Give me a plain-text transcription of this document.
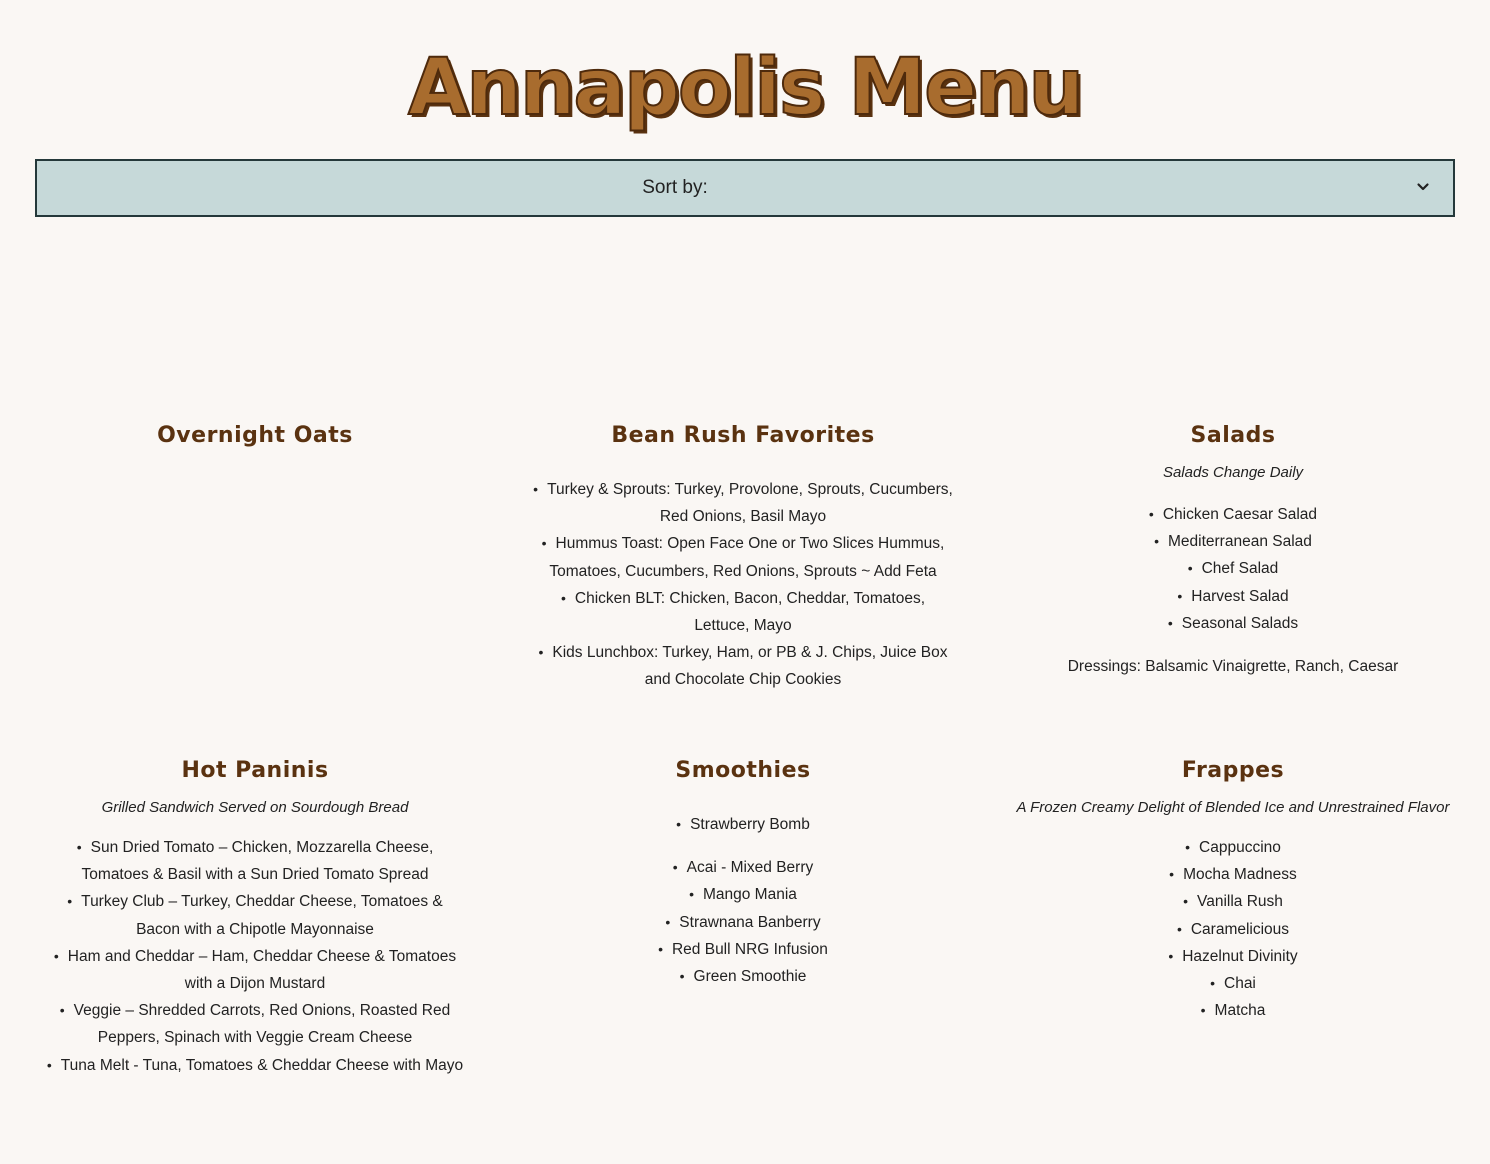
Annapolis Menu
Sort by:
Overnight Oats	Bean Rush Favorites
• Turkey & Sprouts: Turkey, Provolone, Sprouts, Cucumbers, Red Onions, Basil Mayo
• Hummus Toast: Open Face One or Two Slices Hummus, Tomatoes, Cucumbers, Red Onions, Sprouts ~ Add Feta
• Chicken BLT: Chicken, Bacon, Cheddar, Tomatoes, Lettuce, Mayo
• Kids Lunchbox: Turkey, Ham, or PB & J. Chips, Juice Box and Chocolate Chip Cookies
Salads
Salads Change Daily
• Chicken Caesar Salad
• Mediterranean Salad
• Chef Salad
• Harvest Salad
• Seasonal Salads
Dressings: Balsamic Vinaigrette, Ranch, Caesar
Hot Paninis
Grilled Sandwich Served on Sourdough Bread
• Sun Dried Tomato – Chicken, Mozzarella Cheese, Tomatoes & Basil with a Sun Dried Tomato Spread
• Turkey Club – Turkey, Cheddar Cheese, Tomatoes & Bacon with a Chipotle Mayonnaise
• Ham and Cheddar – Ham, Cheddar Cheese & Tomatoes with a Dijon Mustard
• Veggie – Shredded Carrots, Red Onions, Roasted Red Peppers, Spinach with Veggie Cream Cheese
• Tuna Melt - Tuna, Tomatoes & Cheddar Cheese with Mayo
Smoothies
• Strawberry Bomb
• Acai - Mixed Berry
• Mango Mania
• Strawnana Banberry
• Red Bull NRG Infusion
• Green Smoothie
Frappes
A Frozen Creamy Delight of Blended Ice and Unrestrained Flavor
• Cappuccino
• Mocha Madness
• Vanilla Rush
• Caramelicious
• Hazelnut Divinity
• Chai
• Matcha
